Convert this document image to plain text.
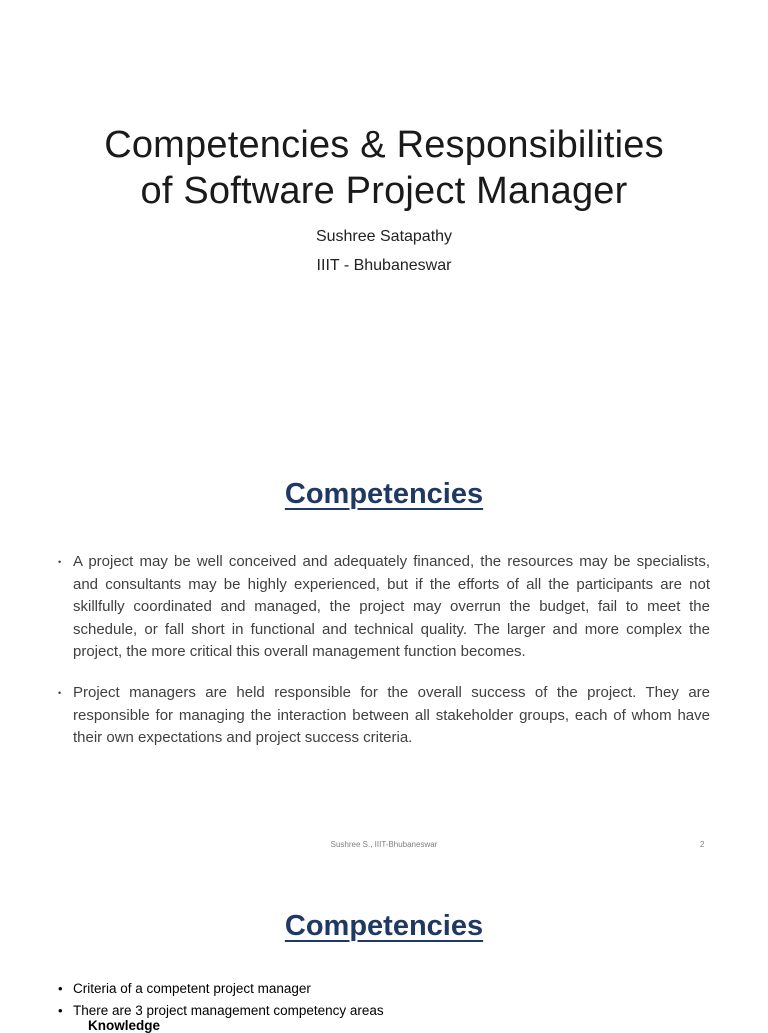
Competencies & Responsibilities
of Software Project Manager
Sushree Satapathy
IIIT - Bhubaneswar
Competencies
• A project may be well conceived and adequately financed, the resources may be specialists, and consultants may be highly experienced, but if the efforts of all the participants are not skillfully coordinated and managed, the project may overrun the budget, fail to meet the schedule, or fall short in functional and technical quality. The larger and more complex the project, the more critical this overall management function becomes.
• Project managers are held responsible for the overall success of the project. They are responsible for managing the interaction between all stakeholder groups, each of whom have their own expectations and project success criteria.
Sushree S., IIIT-Bhubaneswar	2
Competencies
• Criteria of a competent project manager
• There are 3 project management competency areas
Knowledge
